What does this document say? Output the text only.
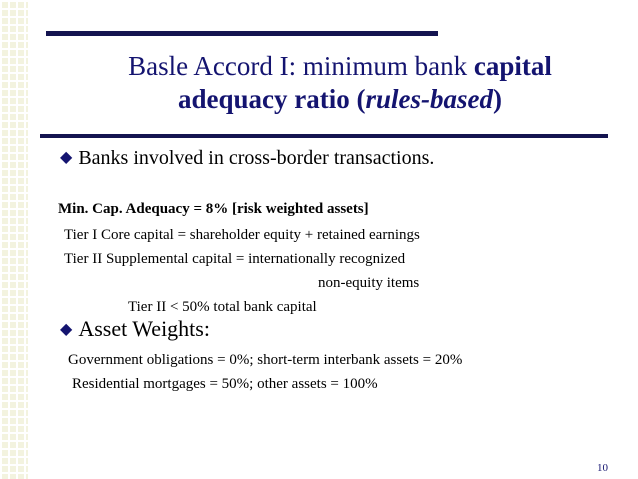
Basle Accord I: minimum bank capital
adequacy ratio (rules-based)
◆ Banks involved in cross-border transactions.
Min. Cap. Adequacy = 8% [risk weighted assets]
Tier I Core capital = shareholder equity + retained earnings
Tier II Supplemental capital = internationally recognized
non-equity items
Tier II < 50% total bank capital
◆ Asset Weights:
Government obligations = 0%; short-term interbank assets = 20%
Residential mortgages = 50%; other assets = 100%
10
